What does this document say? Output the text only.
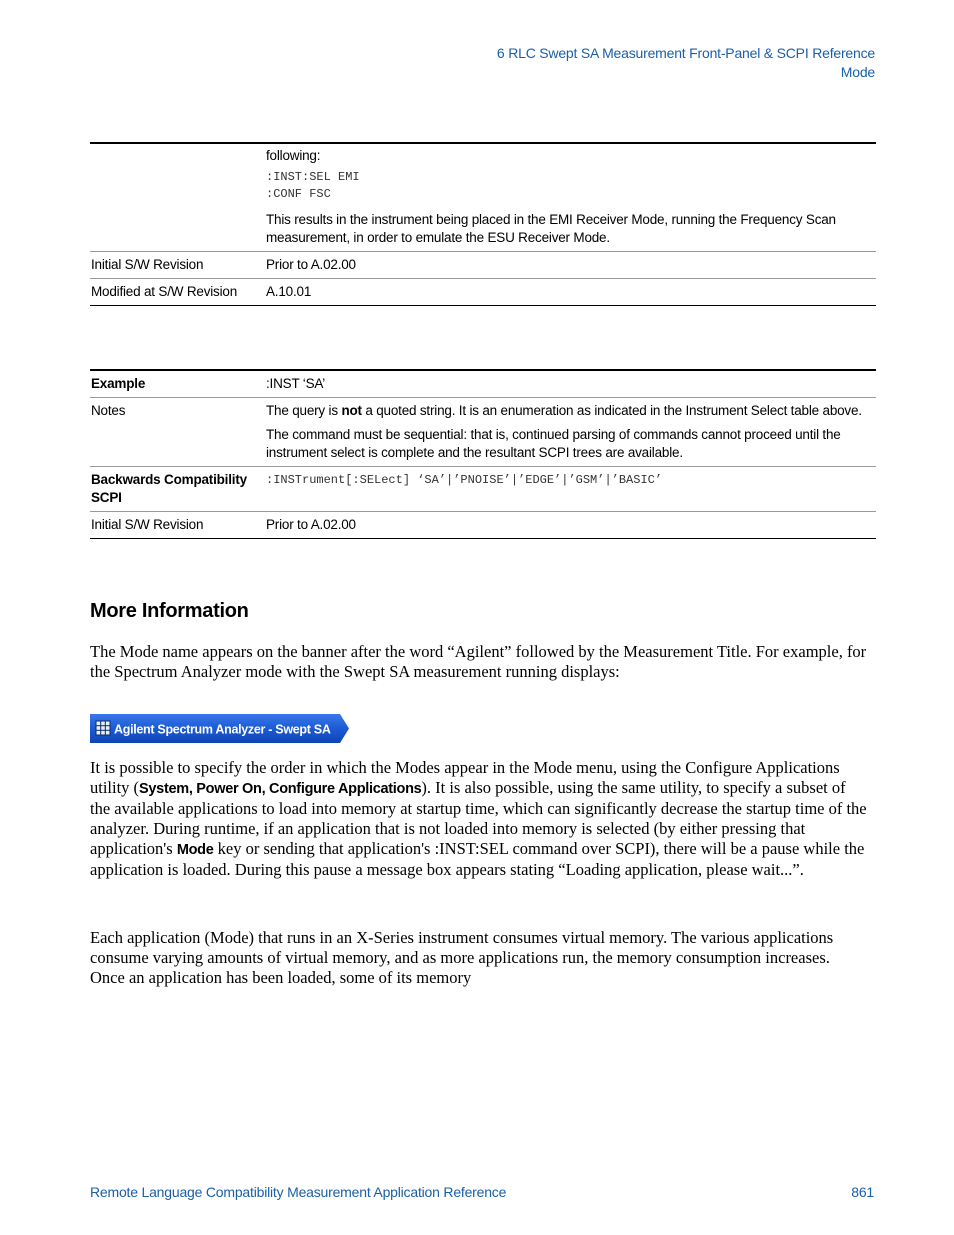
6 RLC Swept SA Measurement Front-Panel & SCPI Reference
Mode

	following:
:INST:SEL EMI
:CONF FSC
This results in the instrument being placed in the EMI Receiver Mode, running the Frequency Scan measurement, in order to emulate the ESU Receiver Mode.

Initial S/W Revision	Prior to A.02.00
Modified at S/W Revision	A.10.01
Example	:INST ‘SA’
Notes	The query is not a quoted string. It is an enumeration as indicated in the Instrument Select table above.
The command must be sequential: that is, continued parsing of commands cannot proceed until the instrument select is complete and the resultant SCPI trees are available.

Backwards Compatibility SCPI	:INSTrument[:SELect] ‘SA’|’PNOISE’|’EDGE’|’GSM’|’BASIC’
Initial S/W Revision	Prior to A.02.00
More Information

The Mode name appears on the banner after the word “Agilent” followed by the Measurement Title. For example, for the Spectrum Analyzer mode with the Swept SA measurement running displays:

Agilent Spectrum Analyzer - Swept SA

It is possible to specify the order in which the Modes appear in the Mode menu, using the Configure Applications utility (System, Power On, Configure Applications). It is also possible, using the same utility, to specify a subset of the available applications to load into memory at startup time, which can significantly decrease the startup time of the analyzer. During runtime, if an application that is not loaded into memory is selected (by either pressing that application's Mode key or sending that application's :INST:SEL command over SCPI), there will be a pause while the application is loaded. During this pause a message box appears stating “Loading application, please wait...”.

Each application (Mode) that runs in an X-Series instrument consumes virtual memory. The various applications consume varying amounts of virtual memory, and as more applications run, the memory consumption increases. Once an application has been loaded, some of its memory

Remote Language Compatibility Measurement Application Reference	861
